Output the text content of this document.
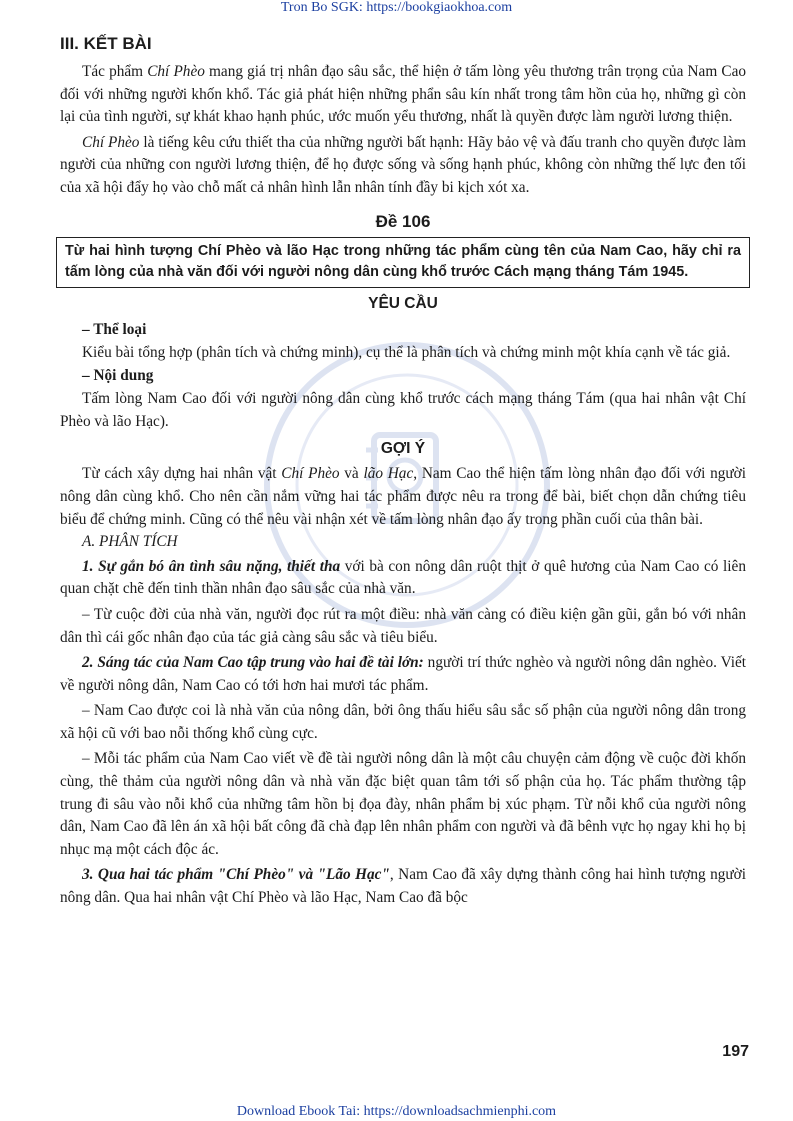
Tron Bo SGK: https://bookgiaokhoa.com
III. KẾT BÀI

Tác phẩm Chí Phèo mang giá trị nhân đạo sâu sắc, thể hiện ở tấm lòng yêu thương trân trọng của Nam Cao đối với những người khốn khổ. Tác giả phát hiện những phẩn sâu kín nhất trong tâm hồn của họ, những gì còn lại của tình người, sự khát khao hạnh phúc, ước muốn yểu thương, nhất là quyền được làm người lương thiện.

Chí Phèo là tiếng kêu cứu thiết tha của những người bất hạnh: Hãy bảo vệ và đấu tranh cho quyền được làm người của những con người lương thiện, để họ được sống và sống hạnh phúc, không còn những thế lực đen tối của xã hội đẩy họ vào chỗ mất cả nhân hình lẫn nhân tính đầy bi kịch xót xa.

Đề 106
Từ hai hình tượng Chí Phèo và lão Hạc trong những tác phẩm cùng tên của Nam Cao, hãy chỉ ra tấm lòng của nhà văn đối với người nông dân cùng khổ trước Cách mạng tháng Tám 1945.
YÊU CẦU

– Thể loại

Kiểu bài tổng hợp (phân tích và chứng minh), cụ thể là phân tích và chứng minh một khía cạnh về tác giả.

– Nội dung

Tấm lòng Nam Cao đối với người nông dân cùng khổ trước cách mạng tháng Tám (qua hai nhân vật Chí Phèo và lão Hạc).

GỢI Ý

Từ cách xây dựng hai nhân vật Chí Phèo và lão Hạc, Nam Cao thể hiện tấm lòng nhân đạo đối với người nông dân cùng khổ. Cho nên cần nắm vững hai tác phẩm được nêu ra trong để bài, biết chọn dẫn chứng tiêu biểu để chứng minh. Cũng có thể nêu vài nhận xét về tấm lòng nhân đạo ấy trong phần cuối của thân bài.

A. PHÂN TÍCH

1. Sự gắn bó ân tình sâu nặng, thiết tha với bà con nông dân ruột thịt ở quê hương của Nam Cao có liên quan chặt chẽ đến tinh thần nhân đạo sâu sắc của nhà văn.

– Từ cuộc đời của nhà văn, người đọc rút ra một điều: nhà văn càng có điều kiện gần gũi, gắn bó với nhân dân thì cái gốc nhân đạo của tác giả càng sâu sắc và tiêu biểu.

2. Sáng tác của Nam Cao tập trung vào hai đề tài lớn: người trí thức nghèo và người nông dân nghèo. Viết về người nông dân, Nam Cao có tới hơn hai mươi tác phẩm.

– Nam Cao được coi là nhà văn của nông dân, bởi ông thấu hiểu sâu sắc số phận của người nông dân trong xã hội cũ với bao nỗi thống khổ cùng cực.

– Mỗi tác phẩm của Nam Cao viết về đề tài người nông dân là một câu chuyện cảm động về cuộc đời khốn cùng, thê thảm của người nông dân và nhà văn đặc biệt quan tâm tới số phận của họ. Tác phẩm thường tập trung đi sâu vào nỗi khổ của những tâm hồn bị đọa đày, nhân phẩm bị xúc phạm. Từ nỗi khổ của người nông dân, Nam Cao đã lên án xã hội bất công đã chà đạp lên nhân phẩm con người và đã bênh vực họ ngay khi họ bị nhục mạ một cách độc ác.

3. Qua hai tác phẩm "Chí Phèo" và "Lão Hạc", Nam Cao đã xây dựng thành công hai hình tượng người nông dân. Qua hai nhân vật Chí Phèo và lão Hạc, Nam Cao đã bộc

197
Download Ebook Tai: https://downloadsachmienphi.com
